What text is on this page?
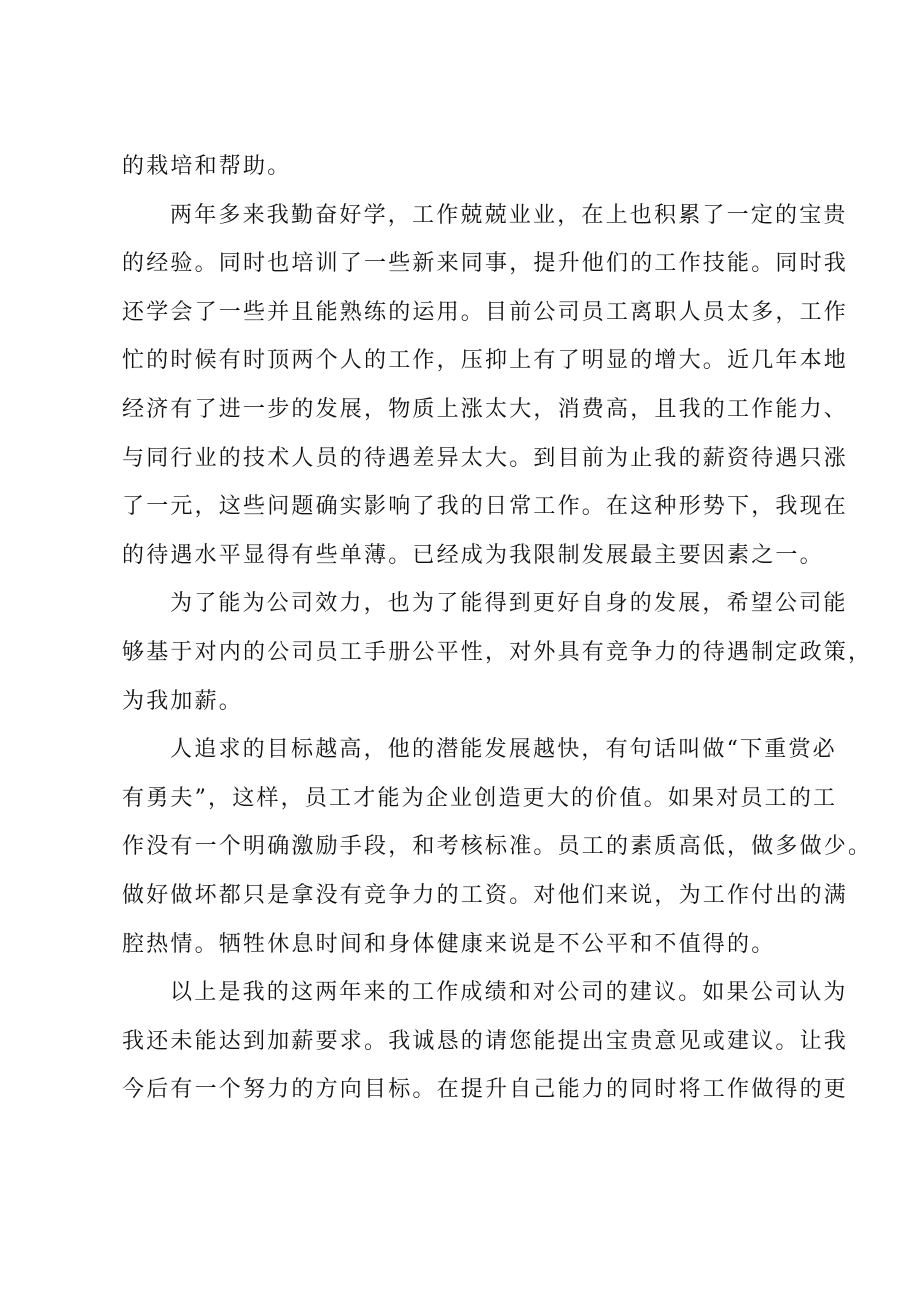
的栽培和帮助。
两年多来我勤奋好学，工作兢兢业业，在上也积累了一定的宝贵
的经验。同时也培训了一些新来同事，提升他们的工作技能。同时我
还学会了一些并且能熟练的运用。目前公司员工离职人员太多，工作
忙的时候有时顶两个人的工作，压抑上有了明显的增大。近几年本地
经济有了进一步的发展，物质上涨太大，消费高，且我的工作能力、
与同行业的技术人员的待遇差异太大。到目前为止我的薪资待遇只涨
了一元，这些问题确实影响了我的日常工作。在这种形势下，我现在
的待遇水平显得有些单薄。已经成为我限制发展最主要因素之一。
为了能为公司效力，也为了能得到更好自身的发展，希望公司能
够基于对内的公司员工手册公平性，对外具有竞争力的待遇制定政策，
为我加薪。
人追求的目标越高，他的潜能发展越快，有句话叫做“下重赏必
有勇夫”，这样，员工才能为企业创造更大的价值。如果对员工的工
作没有一个明确激励手段，和考核标准。员工的素质高低，做多做少。
做好做坏都只是拿没有竞争力的工资。对他们来说，为工作付出的满
腔热情。牺牲休息时间和身体健康来说是不公平和不值得的。
以上是我的这两年来的工作成绩和对公司的建议。如果公司认为
我还未能达到加薪要求。我诚恳的请您能提出宝贵意见或建议。让我
今后有一个努力的方向目标。在提升自己能力的同时将工作做得的更
